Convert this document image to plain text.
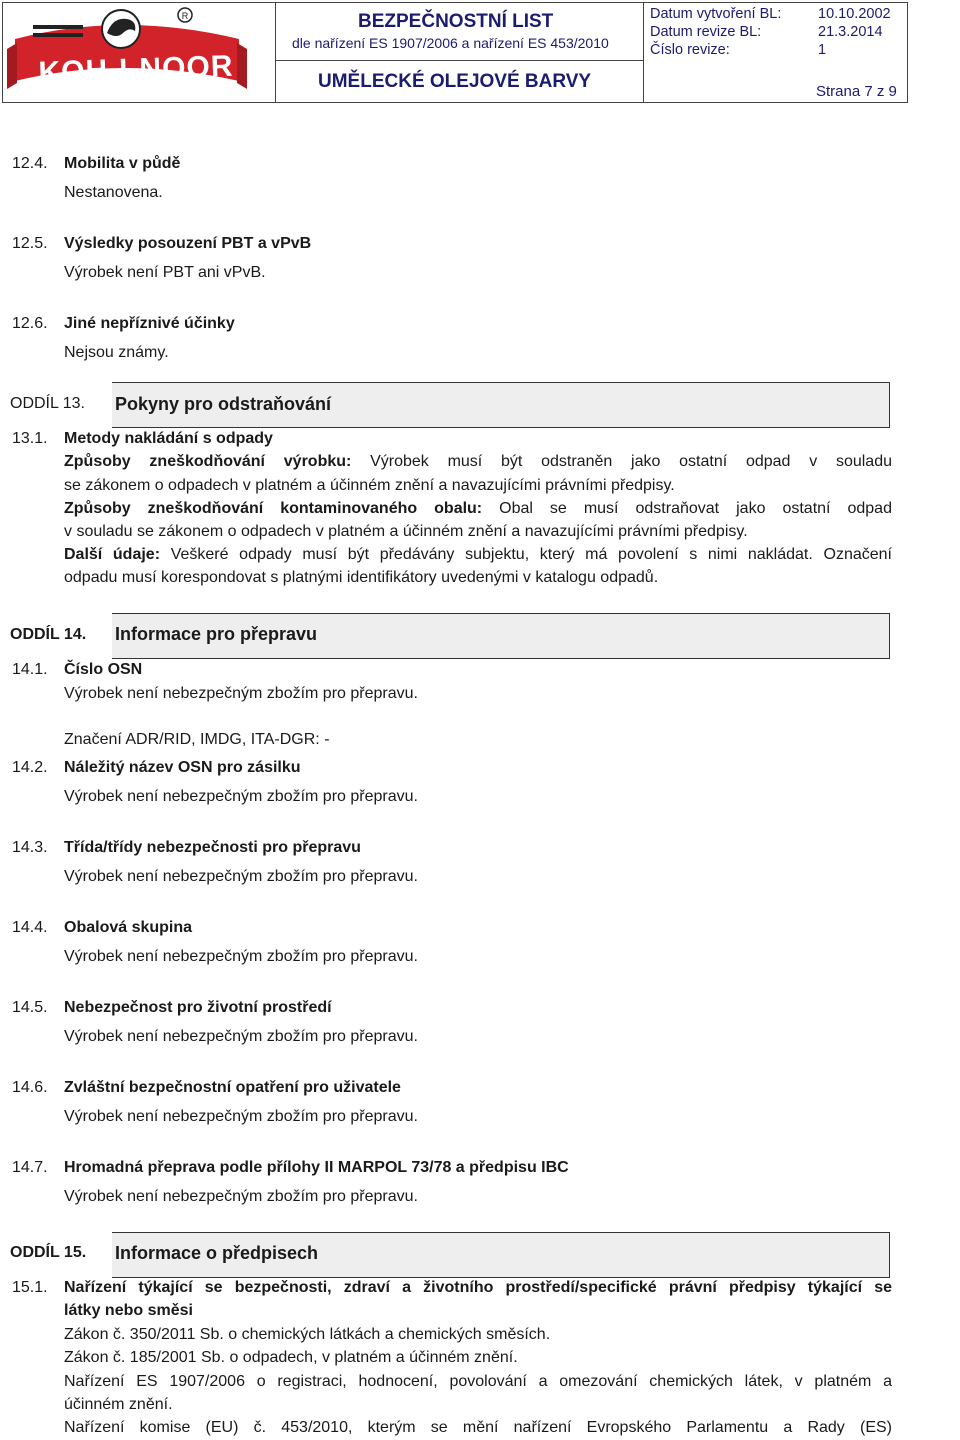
R
KOH-I-NOOR
BEZPEČNOSTNÍ LIST
dle nařízení ES 1907/2006 a nařízení ES 453/2010
UMĚLECKÉ OLEJOVÉ BARVY
Datum vytvoření BL:	10.10.2002
Datum revize BL:	21.3.2014
Číslo revize:	1
Strana 7 z 9
12.4. Mobilita v půdě
Nestanovena.
12.5. Výsledky posouzení PBT a vPvB
Výrobek není PBT ani vPvB.
12.6. Jiné nepříznivé účinky
Nejsou známy.
ODDÍL 13. Pokyny pro odstraňování
13.1. Metody nakládání s odpady
Způsoby zneškodňování výrobku: Výrobek musí být odstraněn jako ostatní odpad v souladu
se zákonem o odpadech v platném a účinném znění a navazujícími právními předpisy.
Způsoby zneškodňování kontaminovaného obalu: Obal se musí odstraňovat jako ostatní odpad
v souladu se zákonem o odpadech v platném a účinném znění a navazujícími právními předpisy.
Další údaje: Veškeré odpady musí být předávány subjektu, který má povolení s nimi nakládat. Označení
odpadu musí korespondovat s platnými identifikátory uvedenými v katalogu odpadů.
ODDÍL 14. Informace pro přepravu
14.1. Číslo OSN
Výrobek není nebezpečným zbožím pro přepravu.
Značení ADR/RID, IMDG, ITA-DGR: -
14.2. Náležitý název OSN pro zásilku
Výrobek není nebezpečným zbožím pro přepravu.
14.3. Třída/třídy nebezpečnosti pro přepravu
Výrobek není nebezpečným zbožím pro přepravu.
14.4. Obalová skupina
Výrobek není nebezpečným zbožím pro přepravu.
14.5. Nebezpečnost pro životní prostředí
Výrobek není nebezpečným zbožím pro přepravu.
14.6. Zvláštní bezpečnostní opatření pro uživatele
Výrobek není nebezpečným zbožím pro přepravu.
14.7. Hromadná přeprava podle přílohy II MARPOL 73/78 a předpisu IBC
Výrobek není nebezpečným zbožím pro přepravu.
ODDÍL 15. Informace o předpisech
15.1. Nařízení týkající se bezpečnosti, zdraví a životního prostředí/specifické právní předpisy týkající se
látky nebo směsi
Zákon č. 350/2011 Sb. o chemických látkách a chemických směsích.
Zákon č. 185/2001 Sb. o odpadech, v platném a účinném znění.
Nařízení ES 1907/2006 o registraci, hodnocení, povolování a omezování chemických látek, v platném a
účinném znění.
Nařízení komise (EU) č. 453/2010, kterým se mění nařízení Evropského Parlamentu a Rady (ES)
